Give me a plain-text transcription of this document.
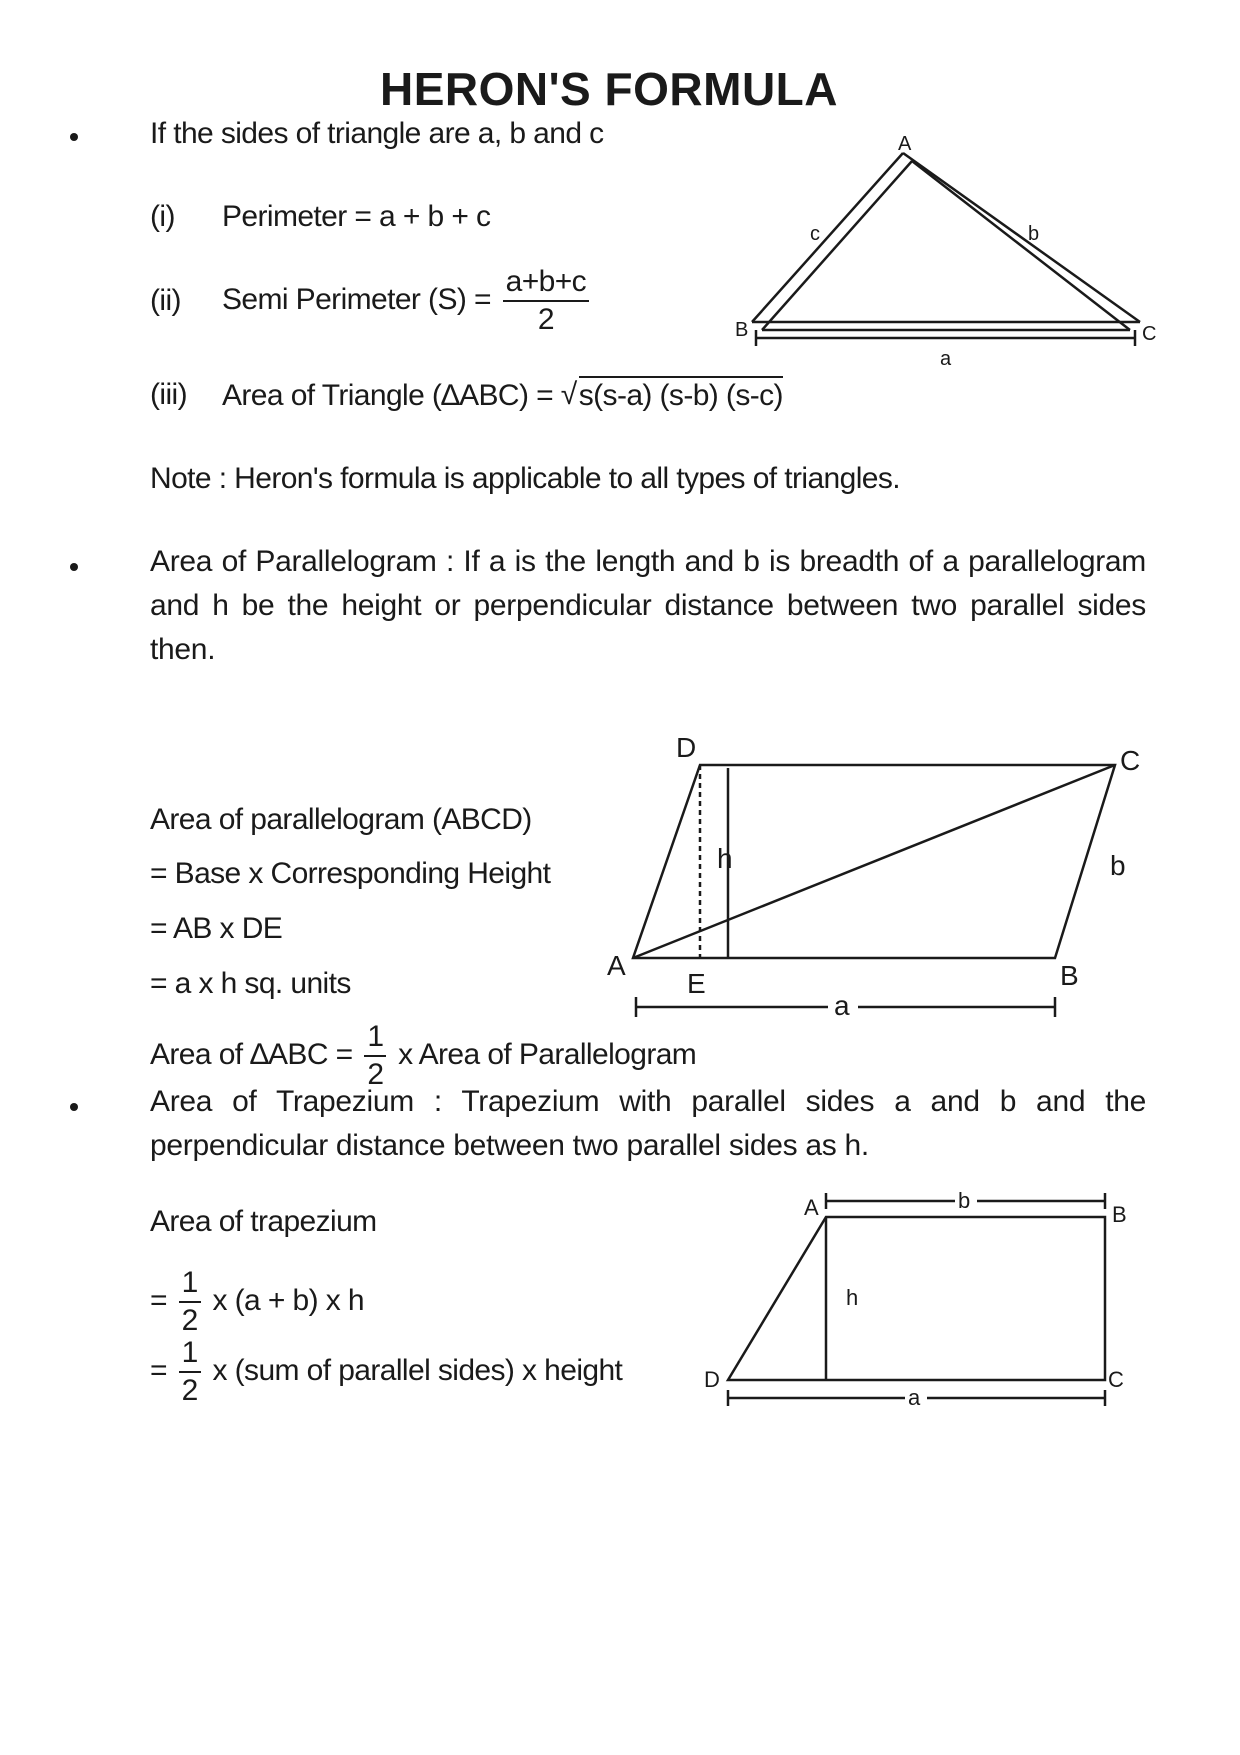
HERON'S FORMULA
If the sides of triangle are a, b and c
(i) Perimeter = a + b + c
(ii) Semi Perimeter $(S) = \frac{a+b+c}{2}$
(iii) Area of Triangle (∆ABC) = √ s(s-a) (s-b) (s-c)
Note : Heron's formula is applicable to all types of triangles.
A
B	C
c	b
a
Area of Parallelogram : If a is the length and b is breadth of a parallelogram and h be the height or perpendicular distance between two parallel sides then.
Area of parallelogram (ABCD)
= Base x Corresponding Height
= AB x DE
= a x h sq. units
Area of $\Delta ABC = \frac{1}{2}$ x Area of Parallelogram
D	C
A	B
E
h	b
a
Area of Trapezium : Trapezium with parallel sides a and b and the perpendicular distance between two parallel sides as h.
Area of trapezium
= $\frac{1}{2}$ x (a + b) x h
= $\frac{1}{2}$ x (sum of parallel sides) x height
A	B
C
D
h
b
a
